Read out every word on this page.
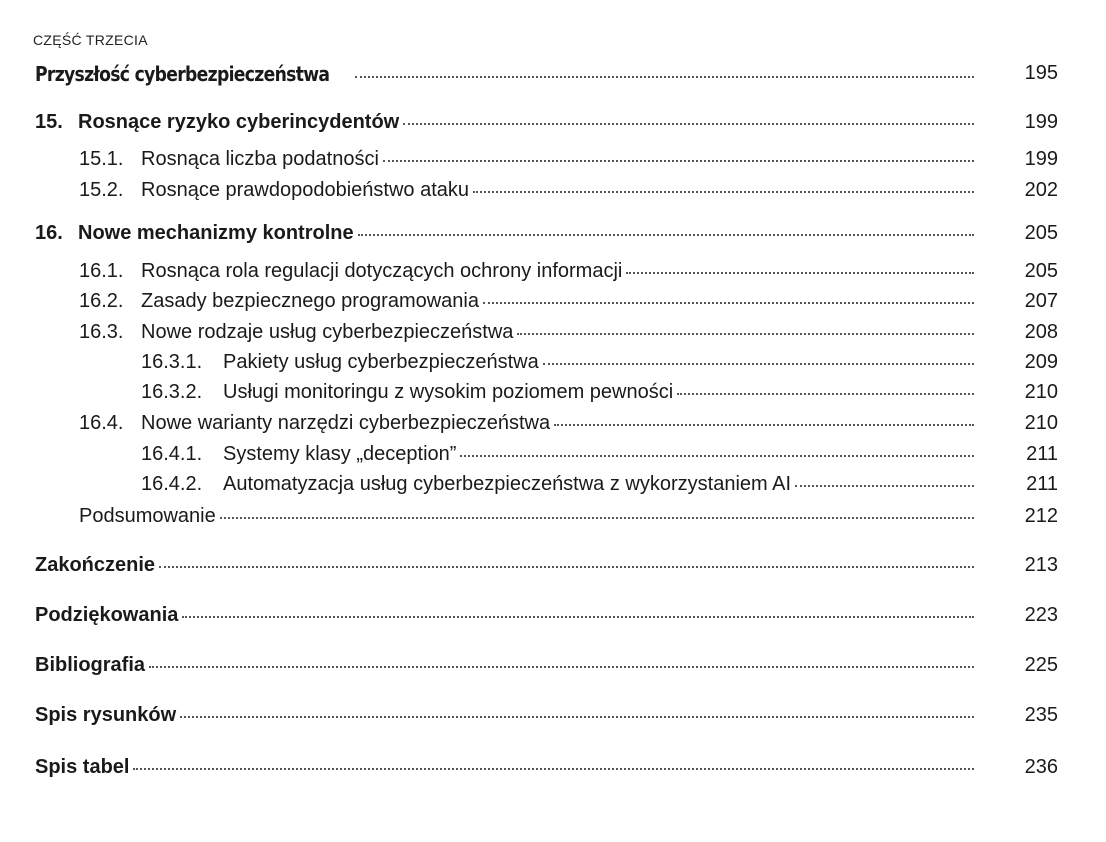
CZĘŚĆ TRZECIA
Przyszłość cyberbezpieczeństwa	195
15. Rosnące ryzyko cyberincydentów	199
15.1. Rosnąca liczba podatności	199
15.2. Rosnące prawdopodobieństwo ataku	202
16. Nowe mechanizmy kontrolne	205
16.1. Rosnąca rola regulacji dotyczących ochrony informacji	205
16.2. Zasady bezpiecznego programowania	207
16.3. Nowe rodzaje usług cyberbezpieczeństwa	208
16.3.1.	Pakiety usług cyberbezpieczeństwa	209
16.3.2.	Usługi monitoringu z wysokim poziomem pewności	210
16.4. Nowe warianty narzędzi cyberbezpieczeństwa	210
16.4.1.	Systemy klasy „deception”	211
16.4.2.	Automatyzacja usług cyberbezpieczeństwa z wykorzystaniem AI	211
Podsumowanie	212
Zakończenie	213
Podziękowania	223
Bibliografia	225
Spis rysunków	235
Spis tabel	236
